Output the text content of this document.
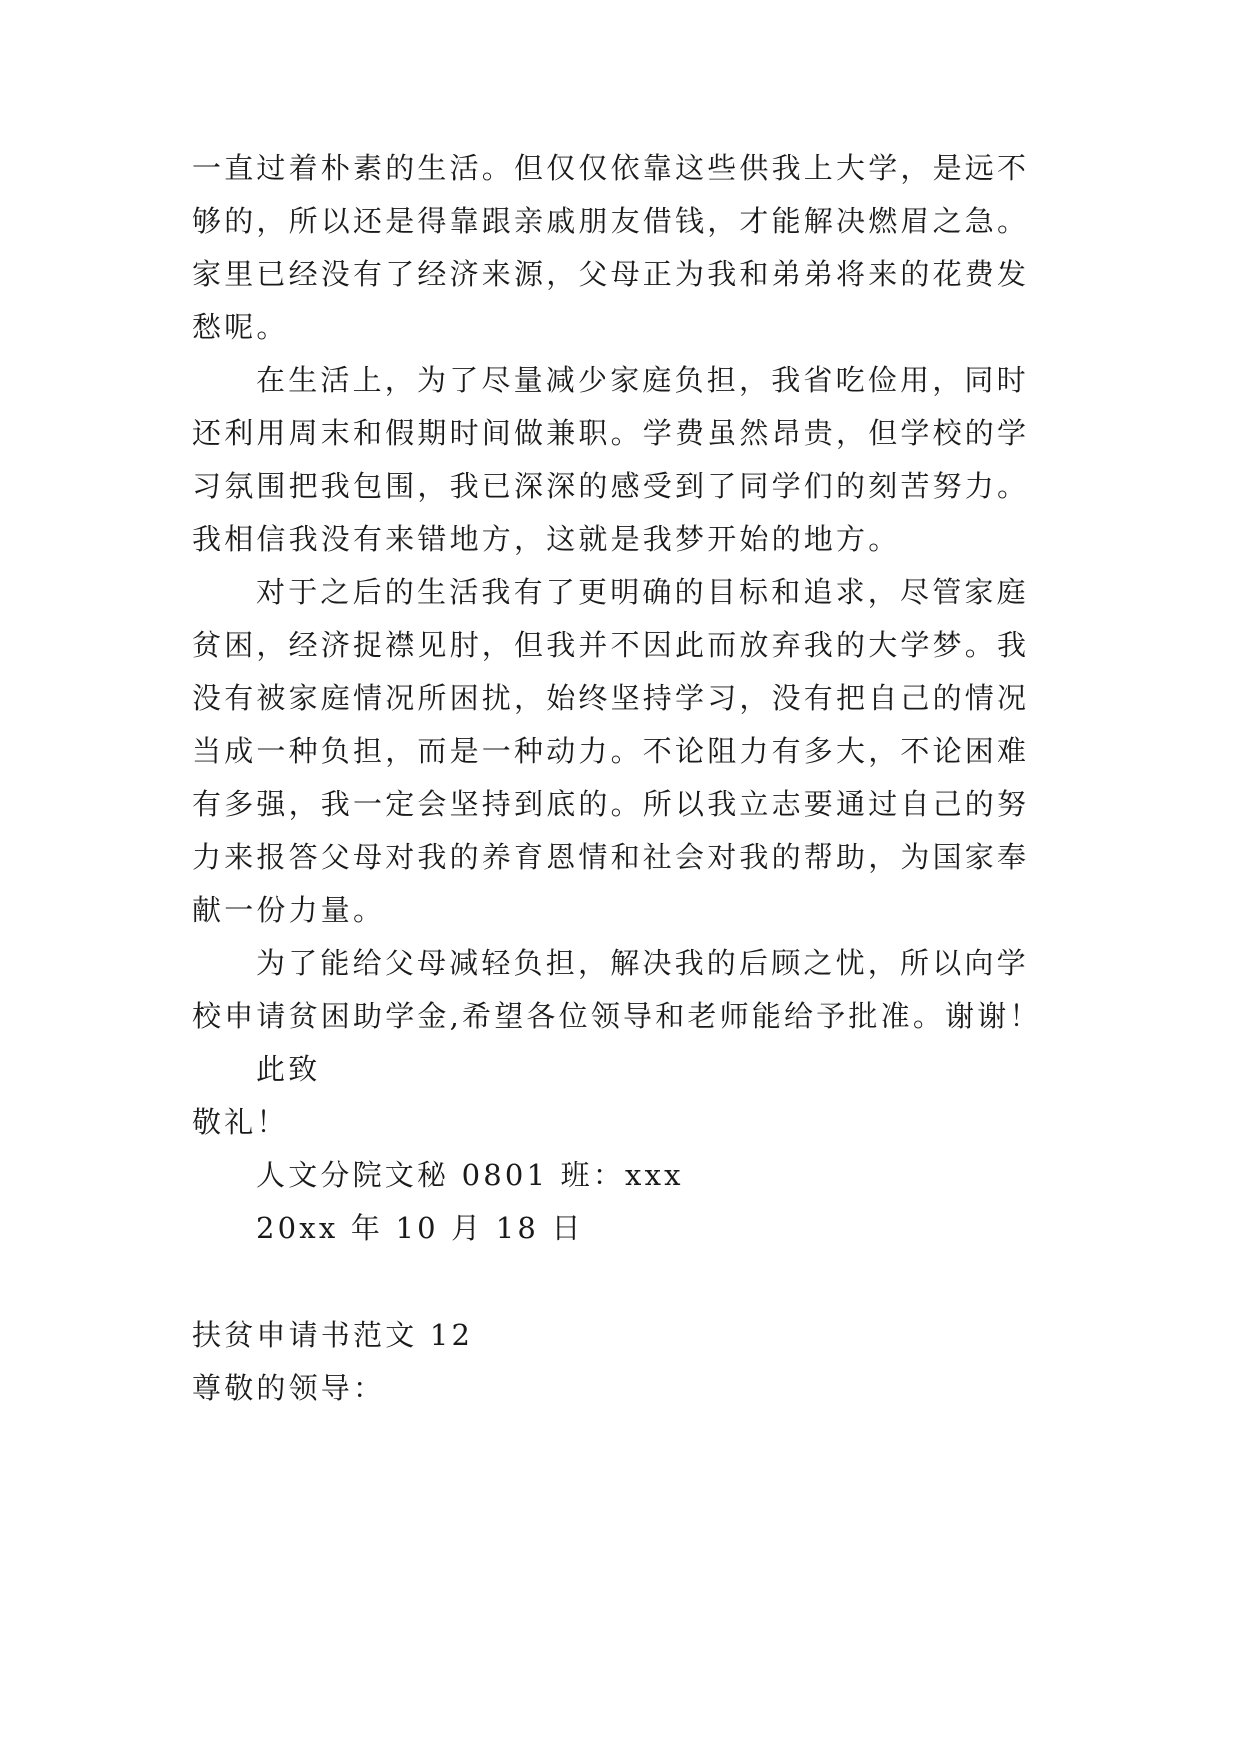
一直过着朴素的生活。但仅仅依靠这些供我上大学，是远不
够的，所以还是得靠跟亲戚朋友借钱，才能解决燃眉之急。
家里已经没有了经济来源，父母正为我和弟弟将来的花费发
愁呢。
在生活上，为了尽量减少家庭负担，我省吃俭用，同时
还利用周末和假期时间做兼职。学费虽然昂贵，但学校的学
习氛围把我包围，我已深深的感受到了同学们的刻苦努力。
我相信我没有来错地方，这就是我梦开始的地方。
对于之后的生活我有了更明确的目标和追求，尽管家庭
贫困，经济捉襟见肘，但我并不因此而放弃我的大学梦。我
没有被家庭情况所困扰，始终坚持学习，没有把自己的情况
当成一种负担，而是一种动力。不论阻力有多大，不论困难
有多强，我一定会坚持到底的。所以我立志要通过自己的努
力来报答父母对我的养育恩情和社会对我的帮助，为国家奉
献一份力量。
为了能给父母减轻负担，解决我的后顾之忧，所以向学
校申请贫困助学金,希望各位领导和老师能给予批准。谢谢！
此致
敬礼！
人文分院文秘 0801 班：xxx
20xx 年 10 月 18 日
扶贫申请书范文 12
尊敬的领导：
